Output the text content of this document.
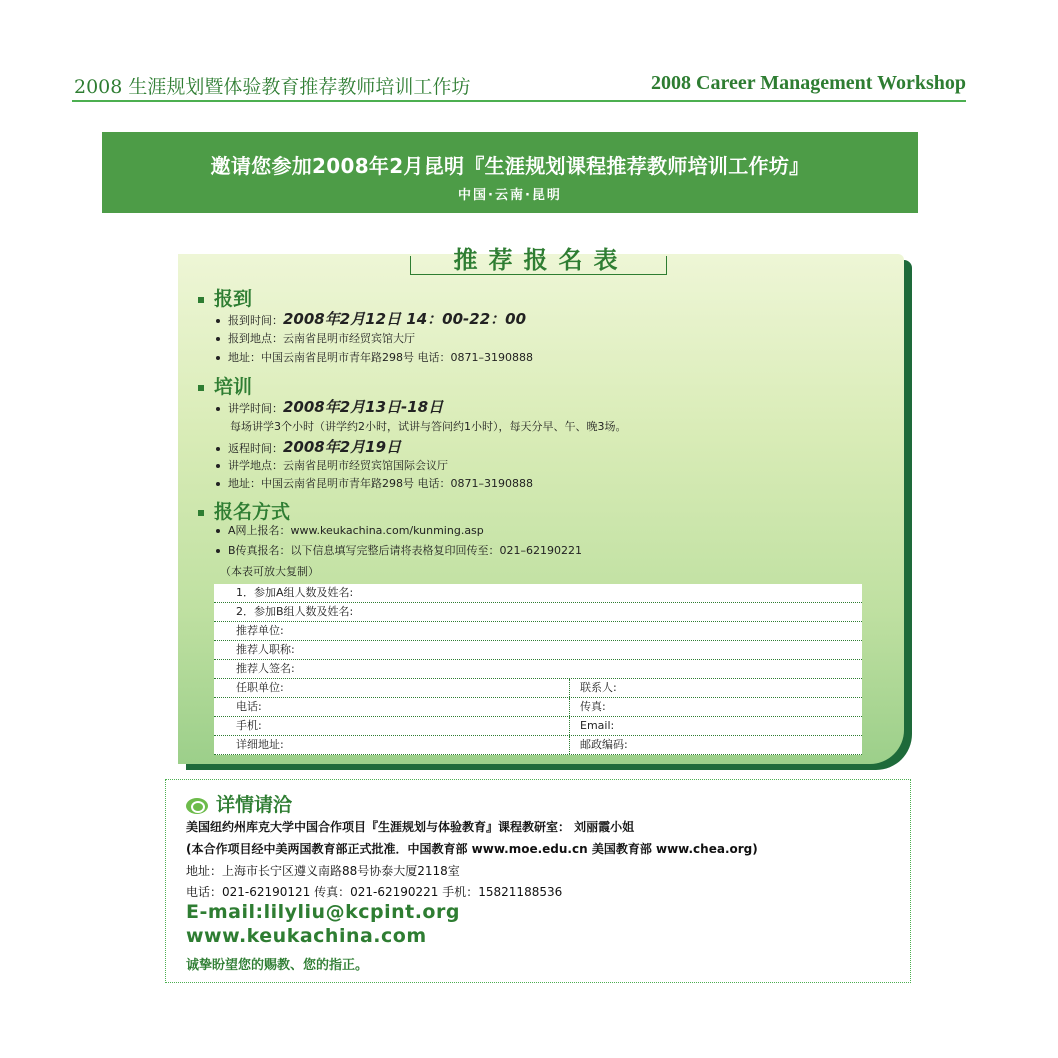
2008 生涯规划暨体验教育推荐教师培训工作坊	2008 Career Management Workshop
邀请您参加2008年2月昆明『生涯规划课程推荐教师培训工作坊』
中国·云南·昆明
推荐报名表
报到
报到时间：2008年2月12日 14：00-22：00
报到地点：云南省昆明市经贸宾馆大厅
地址：中国云南省昆明市青年路298号 电话：0871–3190888
培训
讲学时间：2008年2月13日-18日
每场讲学3个小时（讲学约2小时，试讲与答问约1小时），每天分早、午、晚3场。
返程时间：2008年2月19日
讲学地点：云南省昆明市经贸宾馆国际会议厅
地址：中国云南省昆明市青年路298号 电话：0871–3190888
报名方式
A网上报名：www.keukachina.com/kunming.asp
B传真报名：以下信息填写完整后请将表格复印回传至：021–62190221
（本表可放大复制）
1．参加A组人数及姓名:
2．参加B组人数及姓名:
推荐单位:
推荐人职称:
推荐人签名:
任职单位:	联系人:
电话:	传真:
手机:	Email:
详细地址:	邮政编码:
详情请洽
美国纽约州库克大学中国合作项目『生涯规划与体验教育』课程教研室： 刘丽霞小姐
(本合作项目经中美两国教育部正式批准．中国教育部 www.moe.edu.cn 美国教育部 www.chea.org)
地址：上海市长宁区遵义南路88号协泰大厦2118室
电话：021-62190121 传真：021-62190221 手机：15821188536
E-mail:lilyliu@kcpint.org
www.keukachina.com
诚挚盼望您的赐教、您的指正。
